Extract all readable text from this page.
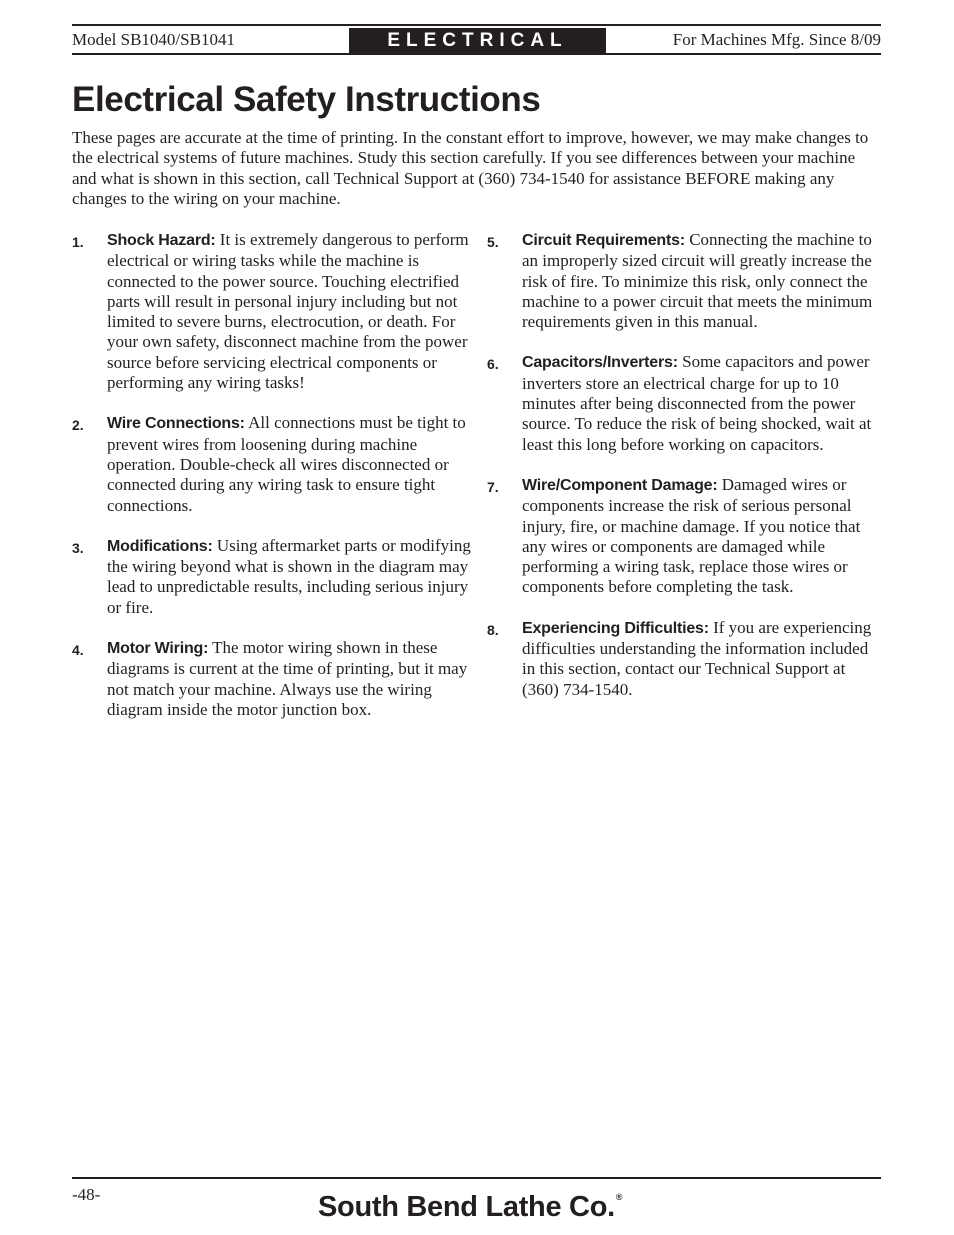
Model SB1040/SB1041	ELECTRICAL	For Machines Mfg. Since 8/09
Electrical Safety Instructions

These pages are accurate at the time of printing. In the constant effort to improve, however, we may make changes to the electrical systems of future machines. Study this section carefully. If you see differences between your machine and what is shown in this section, call Technical Support at (360) 734-1540 for assistance BEFORE making any changes to the wiring on your machine.

1. Shock Hazard: It is extremely dangerous to perform electrical or wiring tasks while the machine is connected to the power source. Touching electrified parts will result in personal injury including but not limited to severe burns, electrocution, or death. For your own safety, disconnect machine from the power source before servicing electrical components or performing any wiring tasks!

2. Wire Connections: All connections must be tight to prevent wires from loosening during machine operation. Double-check all wires disconnected or connected during any wiring task to ensure tight connections.

3. Modifications: Using aftermarket parts or modifying the wiring beyond what is shown in the diagram may lead to unpredictable results, including serious injury or fire.

4. Motor Wiring: The motor wiring shown in these diagrams is current at the time of printing, but it may not match your machine. Always use the wiring diagram inside the motor junction box.

5. Circuit Requirements: Connecting the machine to an improperly sized circuit will greatly increase the risk of fire. To minimize this risk, only connect the machine to a power circuit that meets the minimum requirements given in this manual.

6. Capacitors/Inverters: Some capacitors and power inverters store an electrical charge for up to 10 minutes after being disconnected from the power source. To reduce the risk of being shocked, wait at least this long before working on capacitors.

7. Wire/Component Damage: Damaged wires or components increase the risk of serious personal injury, fire, or machine damage. If you notice that any wires or components are damaged while performing a wiring task, replace those wires or components before completing the task.

8. Experiencing Difficulties: If you are experiencing difficulties understanding the information included in this section, contact our Technical Support at (360) 734-1540.

-48-	South Bend Lathe Co.®
